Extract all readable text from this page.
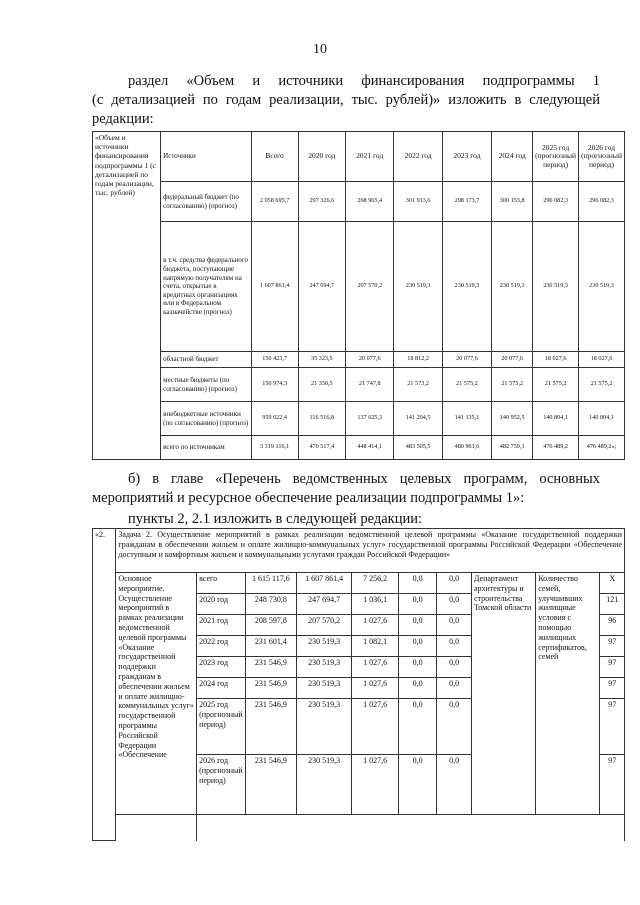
10
раздел «Объем и источники финансирования подпрограммы 1
(с детализацией по годам реализации, тыс. рублей)» изложить в следующей
редакции:
«Объем и источники финансирования подпрограммы 1 (с детализацией по годам реализации, тыс. рублей)	Источники	Всего	2020 год	2021 год	2022 год	2023 год	2024 год	2025 год (прогнозный период)	2026 год (прогнозный период)
	федеральный бюджет (по согласованию) (прогноз)	2 058 695,7	297 326,6	268 965,4	301 913,6	298 173,7	300 153,8	296 082,3	296 082,3
	в т.ч. средства федерального бюджета, поступающие напрямую получателям на счета, открытые в кредитных организациях или в Федеральном казначействе (прогноз)	1 607 861,4	247 694,7	207 570,2	230 519,3	230 519,3	230 519,3	230 519,3	230 519,3
	областной бюджет	150 423,7	35 323,5	20 077,6	18 812,2	20 077,6	20 077,6	18 027,6	18 027,6
	местные бюджеты (по согласованию) (прогноз)	150 974,3	21 350,5	21 747,8	21 573,2	21 575,2	21 575,2	21 575,2	21 575,2
	внебюджетные источники (по согласованию) (прогноз)	959 022,4	116 516,8	137 625,3	141 204,5	141 135,1	140 952,5	140 804,1	140 804,1
	всего по источникам	3 319 116,1	470 517,4	448 414,1	483 505,5	480 961,6	482 759,1	476 489,2	476 489,2»;
б) в главе «Перечень ведомственных целевых программ, основных
мероприятий и ресурсное обеспечение реализации подпрограммы 1»:
пункты 2, 2.1 изложить в следующей редакции:
«2.	Задача 2. Осуществление мероприятий в рамках реализации ведомственной целевой программы «Оказание государственной поддержки гражданам в обеспечении жильем и оплате жилищно-коммунальных услуг» государственной программы Российской Федерации «Обеспечение доступным и комфортным жильем и коммунальными услугами граждан Российской Федерации»									
	Основное мероприятие. Осуществление мероприятий в рамках реализации ведомственной целевой программы «Оказание государственной поддержки гражданам в обеспечении жильем и оплате жилищно-коммунальных услуг» государственной программы Российской Федерации «Обеспечение	всего	1 615 117,6	1 607 861,4	7 256,2	0,0	0,0	Департамент архитектуры и строительства Томской области	Количество семей, улучшивших жилищные условия с помощью жилищных сертификатов, семей	X
		2020 год	248 730,8	247 694,7	1 036,1	0,0	0,0			121
		2021 год	208 597,8	207 570,2	1 027,6	0,0	0,0			96
		2022 год	231 601,4	230 519,3	1 082,1	0,0	0,0			97
		2023 год	231 546,9	230 519,3	1 027,6	0,0	0,0			97
		2024 год	231 546,9	230 519,3	1 027,6	0,0	0,0			97
		2025 год (прогнозный период)	231 546,9	230 519,3	1 027,6	0,0	0,0			97
		2026 год (прогнозный период)	231 546,9	230 519,3	1 027,6	0,0	0,0			97
